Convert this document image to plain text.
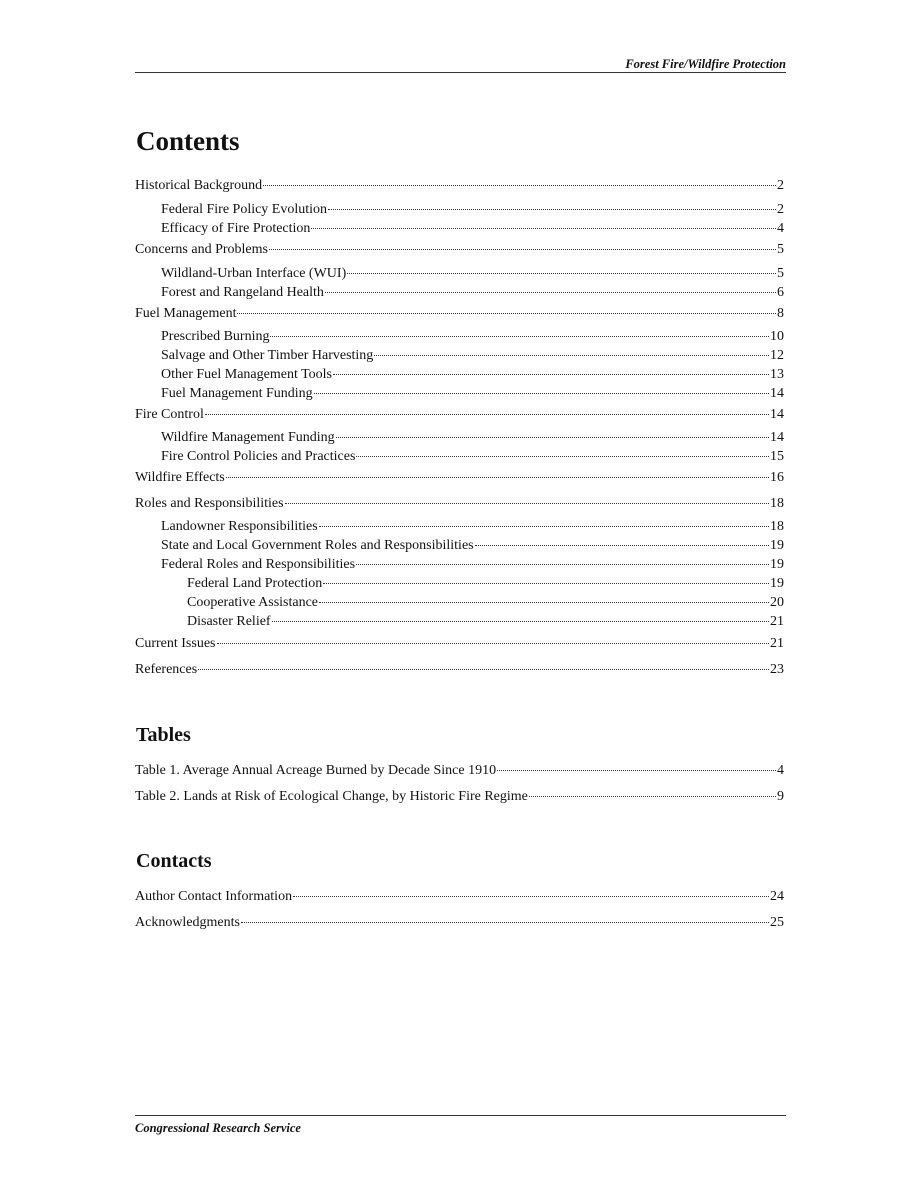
Forest Fire/Wildfire Protection
Contents
Historical Background	2
Federal Fire Policy Evolution	2
Efficacy of Fire Protection	4
Concerns and Problems	5
Wildland-Urban Interface (WUI)	5
Forest and Rangeland Health	6
Fuel Management	8
Prescribed Burning	10
Salvage and Other Timber Harvesting	12
Other Fuel Management Tools	13
Fuel Management Funding	14
Fire Control	14
Wildfire Management Funding	14
Fire Control Policies and Practices	15
Wildfire Effects	16
Roles and Responsibilities	18
Landowner Responsibilities	18
State and Local Government Roles and Responsibilities	19
Federal Roles and Responsibilities	19
Federal Land Protection	19
Cooperative Assistance	20
Disaster Relief	21
Current Issues	21
References	23
Tables
Table 1. Average Annual Acreage Burned by Decade Since 1910	4
Table 2. Lands at Risk of Ecological Change, by Historic Fire Regime	9
Contacts
Author Contact Information	24
Acknowledgments	25
Congressional Research Service
